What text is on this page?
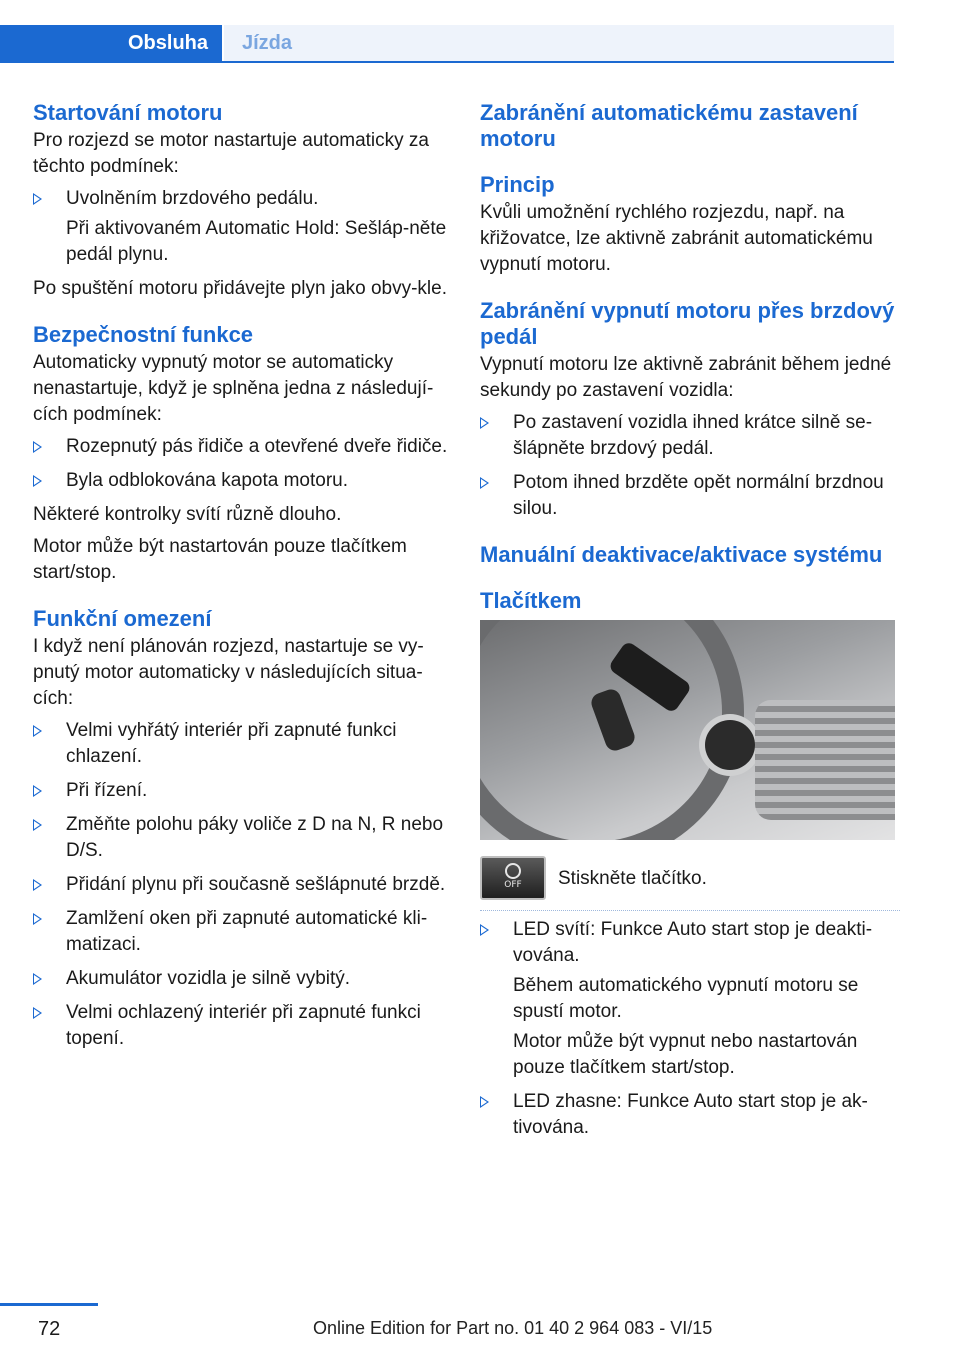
Obsluha	Jízda
Startování motoru

Pro rozjezd se motor nastartuje automaticky za těchto podmínek:

Uvolněním brzdového pedálu.
Při aktivovaném Automatic Hold: Sešláp-něte pedál plynu.

Po spuštění motoru přidávejte plyn jako obvy-kle.

Bezpečnostní funkce

Automaticky vypnutý motor se automaticky nenastartuje, když je splněna jedna z následují-cích podmínek:

Rozepnutý pás řidiče a otevřené dveře řidiče.
Byla odblokována kapota motoru.

Některé kontrolky svítí různě dlouho.

Motor může být nastartován pouze tlačítkem start/stop.

Funkční omezení

I když není plánován rozjezd, nastartuje se vy-pnutý motor automaticky v následujících situa-cích:

Velmi vyhřátý interiér při zapnuté funkci chlazení.
Při řízení.
Změňte polohu páky voliče z D na N, R nebo D/S.
Přidání plynu při současně sešlápnuté brzdě.
Zamlžení oken při zapnuté automatické kli-matizaci.
Akumulátor vozidla je silně vybitý.
Velmi ochlazený interiér při zapnuté funkci topení.
Zabránění automatickému zastavení motoru
Princip

Kvůli umožnění rychlého rozjezdu, např. na křižovatce, lze aktivně zabránit automatickému vypnutí motoru.

Zabránění vypnutí motoru přes brzdový pedál

Vypnutí motoru lze aktivně zabránit během jedné sekundy po zastavení vozidla:

Po zastavení vozidla ihned krátce silně se-šlápněte brzdový pedál.
Potom ihned brzděte opět normální brzdnou silou.
Manuální deaktivace/aktivace systému
Tlačítkem
OFF	Stiskněte tlačítko.
LED svítí: Funkce Auto start stop je deakti-vována.
Během automatického vypnutí motoru se spustí motor.
Motor může být vypnut nebo nastartován pouze tlačítkem start/stop.
LED zhasne: Funkce Auto start stop je ak-tivována.
72	Online Edition for Part no. 01 40 2 964 083 - VI/15
